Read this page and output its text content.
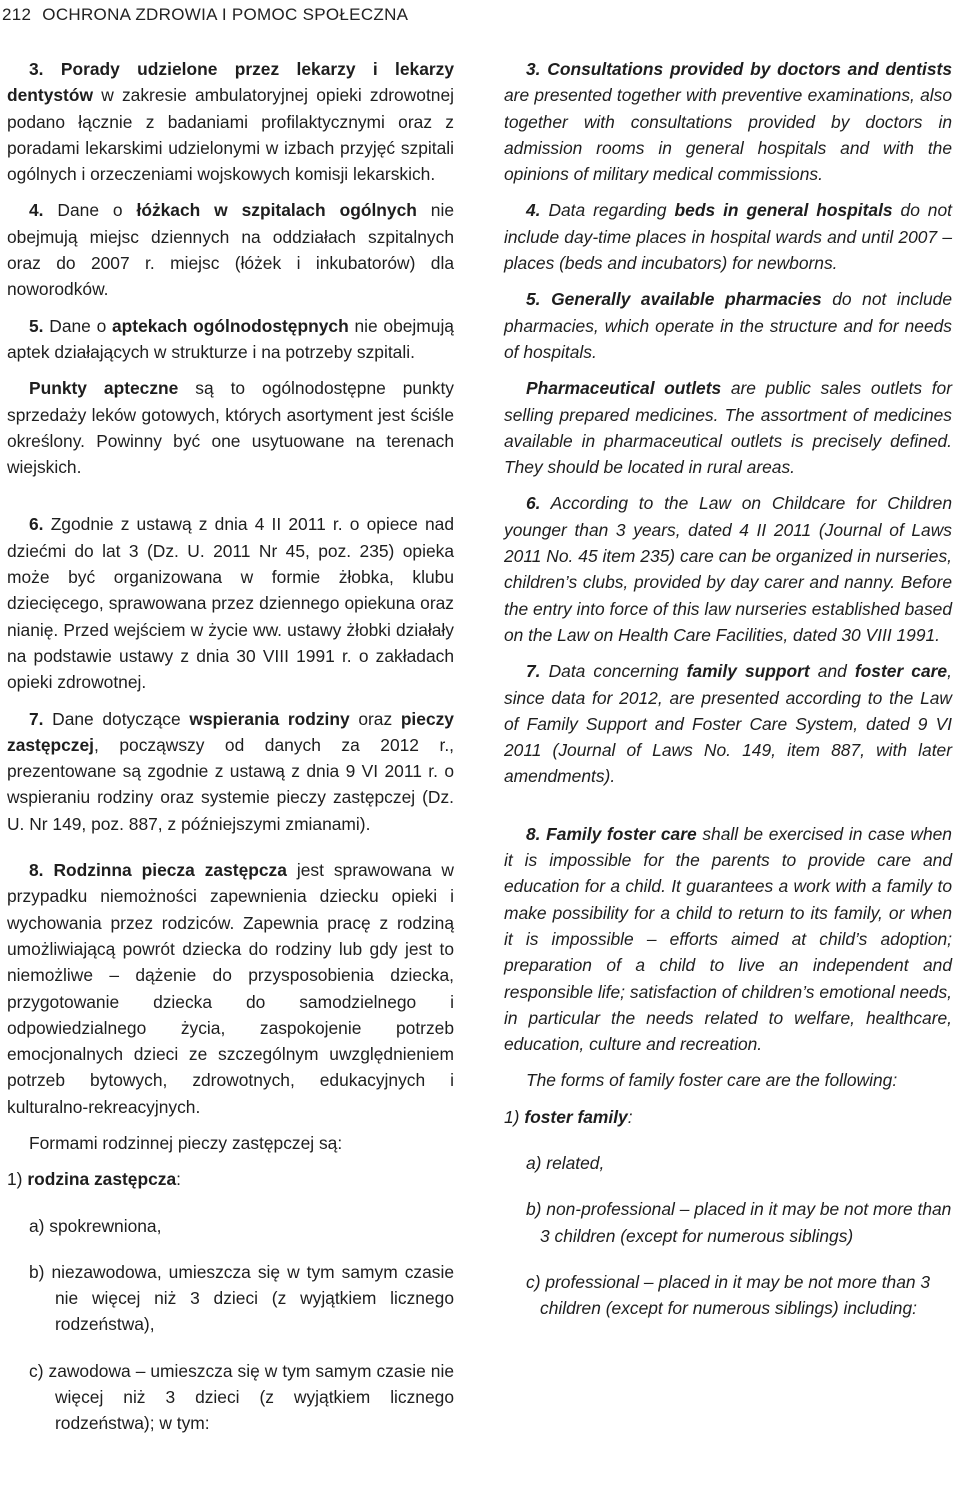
212 OCHRONA ZDROWIA I POMOC SPOŁECZNA

3. Porady udzielone przez lekarzy i lekarzy dentystów w zakresie ambulatoryjnej opieki zdrowotnej podano łącznie z badaniami profilaktycznymi oraz z poradami lekarskimi udzielonymi w izbach przyjęć szpitali ogólnych i orzeczeniami wojskowych komisji lekarskich.

4. Dane o łóżkach w szpitalach ogólnych nie obejmują miejsc dziennych na oddziałach szpitalnych oraz do 2007 r. miejsc (łóżek i inkubatorów) dla noworodków.

5. Dane o aptekach ogólnodostępnych nie obejmują aptek działających w strukturze i na potrzeby szpitali.

Punkty apteczne są to ogólnodostępne punkty sprzedaży leków gotowych, których asortyment jest ściśle określony. Powinny być one usytuowane na terenach wiejskich.

6. Zgodnie z ustawą z dnia 4 II 2011 r. o opiece nad dziećmi do lat 3 (Dz. U. 2011 Nr 45, poz. 235) opieka może być organizowana w formie żłobka, klubu dziecięcego, sprawowana przez dziennego opiekuna oraz nianię. Przed wejściem w życie ww. ustawy żłobki działały na podstawie ustawy z dnia 30 VIII 1991 r. o zakładach opieki zdrowotnej.

7. Dane dotyczące wspierania rodziny oraz pieczy zastępczej, począwszy od danych za 2012 r., prezentowane są zgodnie z ustawą z dnia 9 VI 2011 r. o wspieraniu rodziny oraz systemie pieczy zastępczej (Dz. U. Nr 149, poz. 887, z późniejszymi zmianami).

8. Rodzinna piecza zastępcza jest sprawowana w przypadku niemożności zapewnienia dziecku opieki i wychowania przez rodziców. Zapewnia pracę z rodziną umożliwiającą powrót dziecka do rodziny lub gdy jest to niemożliwe – dążenie do przysposobienia dziecka, przygotowanie dziecka do samodzielnego i odpowiedzialnego życia, zaspokojenie potrzeb emocjonalnych dzieci ze szczególnym uwzględnieniem potrzeb bytowych, zdrowotnych, edukacyjnych i kulturalno-rekreacyjnych.

Formami rodzinnej pieczy zastępczej są:

1) rodzina zastępcza:

a) spokrewniona,

b) niezawodowa, umieszcza się w tym samym czasie nie więcej niż 3 dzieci (z wyjątkiem licznego rodzeństwa),

c) zawodowa – umieszcza się w tym samym czasie nie więcej niż 3 dzieci (z wyjątkiem licznego rodzeństwa); w tym:

3. Consultations provided by doctors and dentists are presented together with preventive examinations, also together with consultations provided by doctors in admission rooms in general hospitals and with the opinions of military medical commissions.

4. Data regarding beds in general hospitals do not include day-time places in hospital wards and until 2007 – places (beds and incubators) for newborns.

5. Generally available pharmacies do not include pharmacies, which operate in the structure and for needs of hospitals.

Pharmaceutical outlets are public sales outlets for selling prepared medicines. The assortment of medicines available in pharmaceutical outlets is precisely defined. They should be located in rural areas.

6. According to the Law on Childcare for Children younger than 3 years, dated 4 II 2011 (Journal of Laws 2011 No. 45 item 235) care can be organized in nurseries, children’s clubs, provided by day carer and nanny. Before the entry into force of this law nurseries established based on the Law on Health Care Facilities, dated 30 VIII 1991.

7. Data concerning family support and foster care, since data for 2012, are presented according to the Law of Family Support and Foster Care System, dated 9 VI 2011 (Journal of Laws No. 149, item 887, with later amendments).

8. Family foster care shall be exercised in case when it is impossible for the parents to provide care and education for a child. It guarantees a work with a family to make possibility for a child to return to its family, or when it is impossible – efforts aimed at child’s adoption; preparation of a child to live an independent and responsible life; satisfaction of children’s emotional needs, in particular the needs related to welfare, healthcare, education, culture and recreation.

The forms of family foster care are the following:

1) foster family:

a) related,

b) non-professional – placed in it may be not more than 3 children (except for numerous siblings)

c) professional – placed in it may be not more than 3 children (except for numerous siblings) including:
